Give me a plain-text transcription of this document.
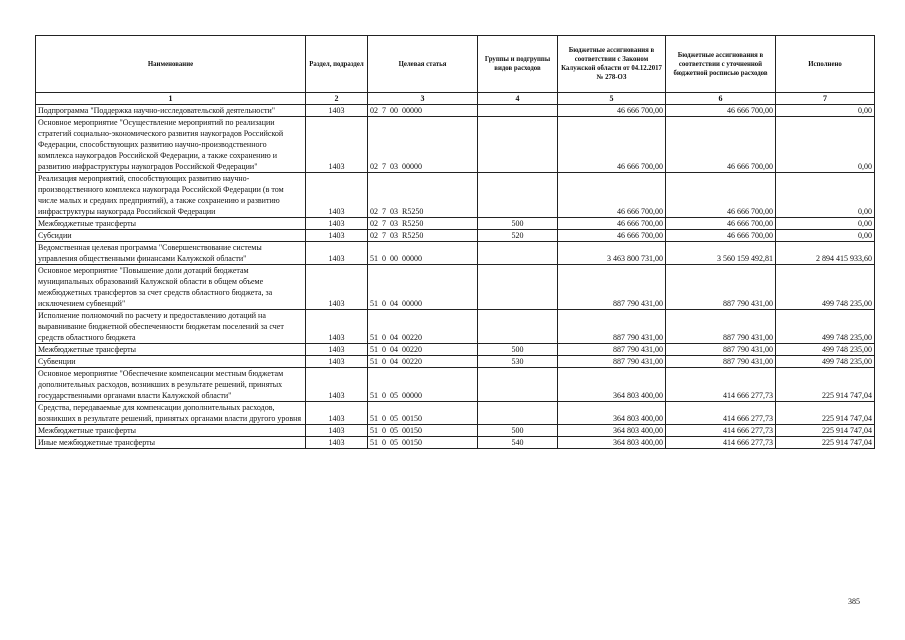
Наименование	Раздел, подраздел	Целевая статья	Группы и подгруппы видов расходов	Бюджетные ассигнования в соответствии с Законом Калужской области от 04.12.2017 № 278-ОЗ	Бюджетные ассигнования в соответствии с уточненной бюджетной росписью расходов	Исполнено
1	2	3	4	5	6	7
Подпрограмма "Поддержка научно-исследовательской деятельности"	1403	02  7  00  00000		46 666 700,00	46 666 700,00	0,00
Основное мероприятие "Осуществление мероприятий по реализации стратегий социально-экономического развития наукоградов Российской Федерации, способствующих развитию научно-производственного комплекса наукоградов Российской Федерации, а также сохранению и развитию инфраструктуры наукоградов Российской Федерации"	1403	02  7  03  00000		46 666 700,00	46 666 700,00	0,00
Реализация мероприятий, способствующих развитию научно-производственного комплекса наукограда Российской Федерации (в том числе малых и средних предприятий), а также сохранению и развитию инфраструктуры наукограда Российской Федерации	1403	02  7  03  R5250		46 666 700,00	46 666 700,00	0,00
Межбюджетные трансферты	1403	02  7  03  R5250	500	46 666 700,00	46 666 700,00	0,00
Субсидии	1403	02  7  03  R5250	520	46 666 700,00	46 666 700,00	0,00
Ведомственная целевая программа "Совершенствование системы управления общественными финансами Калужской области"	1403	51  0  00  00000		3 463 800 731,00	3 560 159 492,81	2 894 415 933,60
Основное мероприятие "Повышение доли дотаций бюджетам муниципальных образований Калужской области в общем объеме межбюджетных трансфертов за счет средств областного бюджета, за исключением субвенций"	1403	51  0  04  00000		887 790 431,00	887 790 431,00	499 748 235,00
Исполнение полномочий по расчету и предоставлению дотаций на выравнивание бюджетной обеспеченности бюджетам поселений за счет средств областного бюджета	1403	51  0  04  00220		887 790 431,00	887 790 431,00	499 748 235,00
Межбюджетные трансферты	1403	51  0  04  00220	500	887 790 431,00	887 790 431,00	499 748 235,00
Субвенции	1403	51  0  04  00220	530	887 790 431,00	887 790 431,00	499 748 235,00
Основное мероприятие "Обеспечение компенсации местным бюджетам дополнительных расходов, возникших в результате решений, принятых государственными органами власти Калужской области"	1403	51  0  05  00000		364 803 400,00	414 666 277,73	225 914 747,04
Средства, передаваемые для компенсации дополнительных расходов, возникших в результате решений, принятых органами власти другого уровня	1403	51  0  05  00150		364 803 400,00	414 666 277,73	225 914 747,04
Межбюджетные трансферты	1403	51  0  05  00150	500	364 803 400,00	414 666 277,73	225 914 747,04
Иные межбюджетные трансферты	1403	51  0  05  00150	540	364 803 400,00	414 666 277,73	225 914 747,04
385
